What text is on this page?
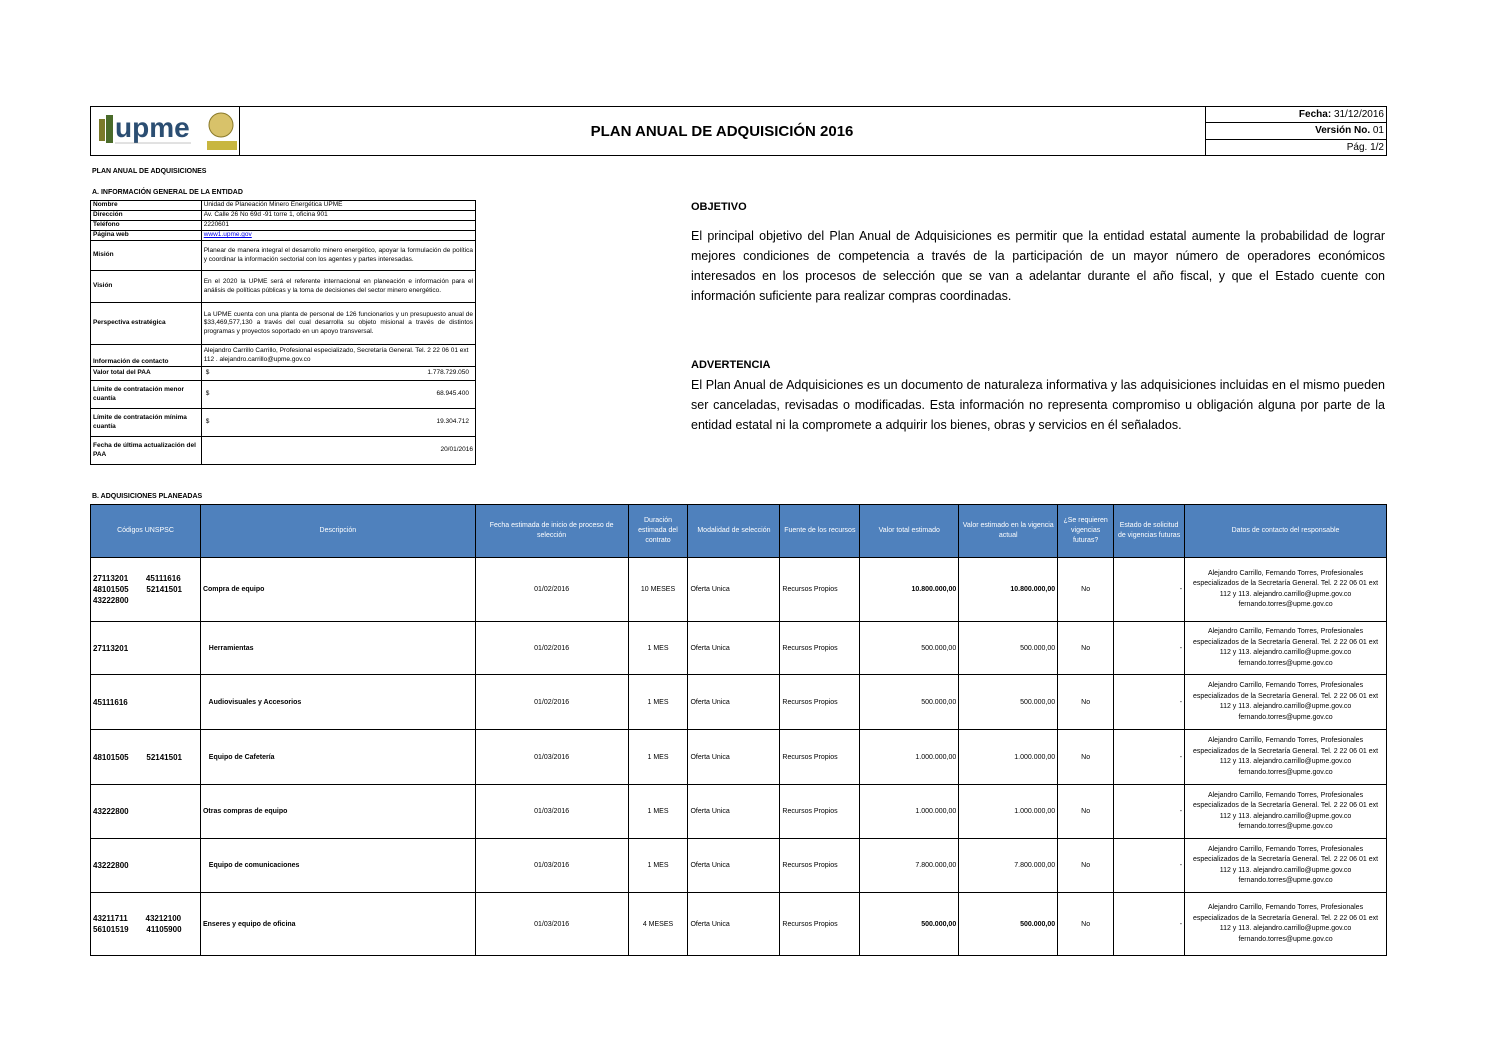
upme	PLAN ANUAL DE ADQUISICIÓN 2016
Fecha: 31/12/2016
Versión No. 01
Pág. 1/2
PLAN ANUAL DE ADQUISICIONES
A. INFORMACIÓN GENERAL DE LA ENTIDAD
Nombre	Unidad de Planeación Minero Energética UPME
Dirección	Av. Calle 26 No 69d -91 torre 1, oficina 901
Teléfono	2220601
Página web	www1.upme.gov
Misión	Planear de manera integral el desarrollo minero energético, apoyar la formulación de política y coordinar la información sectorial con los agentes y partes interesadas.
Visión	En el 2020 la UPME será el referente internacional en planeación e información para el análisis de políticas públicas y la toma de decisiones del sector minero energético.
Perspectiva estratégica	La UPME cuenta con una planta de personal de 126 funcionarios y un presupuesto anual de $33,469,577,130 a través del cual desarrolla su objeto misional a través de distintos programas y proyectos soportado en un apoyo transversal.
Información de contacto	Alejandro Carrillo Carrillo, Profesional especializado, Secretaría General. Tel. 2 22 06 01 ext 112 . alejandro.carrillo@upme.gov.co
Valor total del PAA	$ 1.778.729.050

Límite de contratación menor cuantía	$ 68.945.400

Límite de contratación mínima cuantía	$ 19.304.712

Fecha de última actualización del PAA	20/01/2016
OBJETIVO
El principal objetivo del Plan Anual de Adquisiciones es permitir que la entidad estatal aumente la probabilidad de lograr mejores condiciones de competencia a través de la participación de un mayor número de operadores económicos interesados en los procesos de selección que se van a adelantar durante el año fiscal, y que el Estado cuente con información suficiente para realizar compras coordinadas.
ADVERTENCIA
El Plan Anual de Adquisiciones es un documento de naturaleza informativa y las adquisiciones incluidas en el mismo pueden ser canceladas, revisadas o modificadas. Esta información no representa compromiso u obligación alguna por parte de la entidad estatal ni la compromete a adquirir los bienes, obras y servicios en él señalados.
B. ADQUISICIONES PLANEADAS
Códigos UNSPSC	Descripción	Fecha estimada de inicio de proceso de selección	Duración estimada del contrato	Modalidad de selección	Fuente de los recursos	Valor total estimado	Valor estimado en la vigencia actual	¿Se requieren vigencias futuras?	Estado de solicitud de vigencias futuras	Datos de contacto del responsable
27113201        45111616
48101505        52141501
43222800	Compra de equipo	01/02/2016	10 MESES	Oferta Unica	Recursos Propios	10.800.000,00	10.800.000,00	No	-	Alejandro Carrillo, Fernando Torres, Profesionales especializados de la Secretaría General. Tel. 2 22 06 01 ext 112 y 113. alejandro.carrillo@upme.gov.co fernando.torres@upme.gov.co
27113201	Herramientas	01/02/2016	1 MES	Oferta Unica	Recursos Propios	500.000,00	500.000,00	No	-	Alejandro Carrillo, Fernando Torres, Profesionales especializados de la Secretaría General. Tel. 2 22 06 01 ext 112 y 113. alejandro.carrillo@upme.gov.co fernando.torres@upme.gov.co
45111616	Audiovisuales y Accesorios	01/02/2016	1 MES	Oferta Unica	Recursos Propios	500.000,00	500.000,00	No	-	Alejandro Carrillo, Fernando Torres, Profesionales especializados de la Secretaría General. Tel. 2 22 06 01 ext 112 y 113. alejandro.carrillo@upme.gov.co fernando.torres@upme.gov.co
48101505        52141501	Equipo de Cafetería	01/03/2016	1 MES	Oferta Unica	Recursos Propios	1.000.000,00	1.000.000,00	No	-	Alejandro Carrillo, Fernando Torres, Profesionales especializados de la Secretaría General. Tel. 2 22 06 01 ext 112 y 113. alejandro.carrillo@upme.gov.co fernando.torres@upme.gov.co
43222800	Otras compras de equipo	01/03/2016	1 MES	Oferta Unica	Recursos Propios	1.000.000,00	1.000.000,00	No	-	Alejandro Carrillo, Fernando Torres, Profesionales especializados de la Secretaría General. Tel. 2 22 06 01 ext 112 y 113. alejandro.carrillo@upme.gov.co fernando.torres@upme.gov.co
43222800	Equipo de comunicaciones	01/03/2016	1 MES	Oferta Unica	Recursos Propios	7.800.000,00	7.800.000,00	No	-	Alejandro Carrillo, Fernando Torres, Profesionales especializados de la Secretaría General. Tel. 2 22 06 01 ext 112 y 113. alejandro.carrillo@upme.gov.co fernando.torres@upme.gov.co
43211711        43212100
56101519        41105900	Enseres y equipo de oficina	01/03/2016	4 MESES	Oferta Unica	Recursos Propios	500.000,00	500.000,00	No	-	Alejandro Carrillo, Fernando Torres, Profesionales especializados de la Secretaría General. Tel. 2 22 06 01 ext 112 y 113. alejandro.carrillo@upme.gov.co fernando.torres@upme.gov.co
